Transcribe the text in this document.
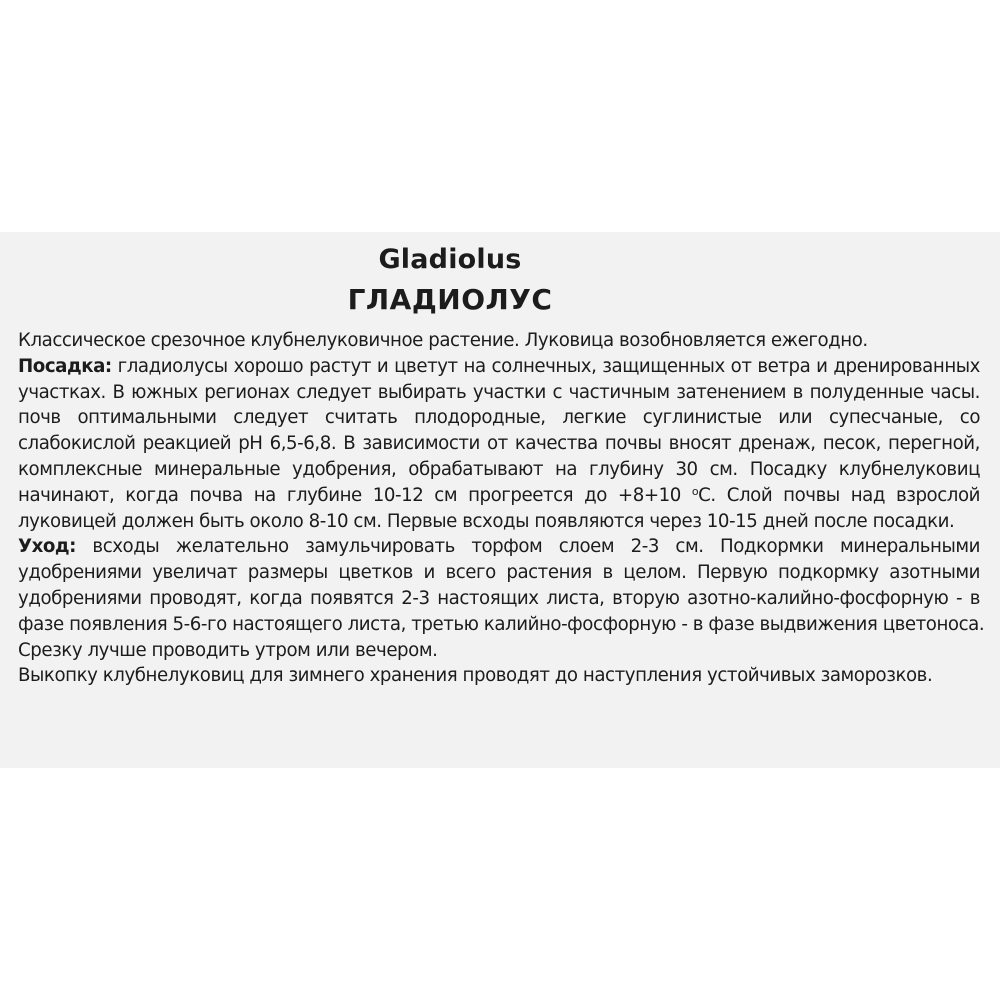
Gladiolus
ГЛАДИОЛУС
Классическое срезочное клубнелуковичное растение. Луковица возобновляется ежегодно.
Посадка: гладиолусы хорошо растут и цветут на солнечных, защищенных от ветра и дренированных
участках. В южных регионах следует выбирать участки с частичным затенением в полуденные часы.
почв оптимальными следует считать плодородные, легкие суглинистые или супесчаные, со
слабокислой реакцией рН 6,5-6,8. В зависимости от качества почвы вносят дренаж, песок, перегной,
комплексные минеральные удобрения, обрабатывают на глубину 30 см. Посадку клубнелуковиц
начинают, когда почва на глубине 10-12 см прогреется до +8+10 $^о$С. Слой почвы над взрослой
луковицей должен быть около 8-10 см. Первые всходы появляются через 10-15 дней после посадки.
Уход: всходы желательно замульчировать торфом слоем 2-3 см. Подкормки минеральными
удобрениями увеличат размеры цветков и всего растения в целом. Первую подкормку азотными
удобрениями проводят, когда появятся 2-3 настоящих листа, вторую азотно-калийно-фосфорную - в
фазе появления 5-6-го настоящего листа, третью калийно-фосфорную - в фазе выдвижения цветоноса.
Срезку лучше проводить утром или вечером.
Выкопку клубнелуковиц для зимнего хранения проводят до наступления устойчивых заморозков.
